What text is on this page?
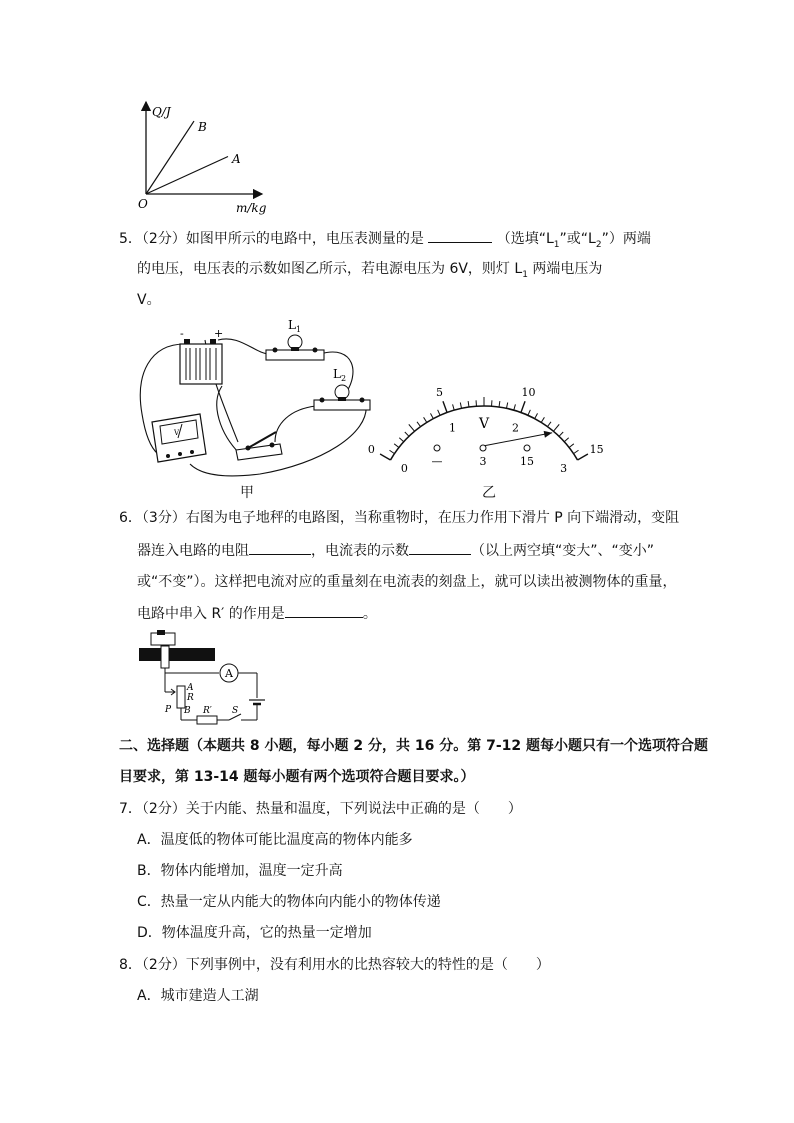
Q/J
m/kg
O
B
A
5．（2分）如图甲所示的电路中，电压表测量的是	（选填“$L_1$”或“$L_2$”）两端
的电压，电压表的示数如图乙所示，若电源电压为 6V，则灯 $L_1$ 两端电压为
V。
-	+
$L_1$
$L_2$
V
甲
0
5	10
15
0
1	2
3
V
—	3	15
乙
6．（3分）右图为电子地秤的电路图，当称重物时，在压力作用下滑片 P 向下端滑动，变阻
器连入电路的电阻	，电流表的示数	（以上两空填“变大”、“变小”
或“不变”）。这样把电流对应的重量刻在电流表的刻盘上，就可以读出被测物体的重量，
电路中串入 R′ 的作用是	。
A
A
R
B
P	R′ S
二、选择题（本题共 8 小题，每小题 2 分，共 16 分。第 7-12 题每小题只有一个选项符合题
目要求，第 13-14 题每小题有两个选项符合题目要求。）
7．（2分）关于内能、热量和温度，下列说法中正确的是（　　）
A．温度低的物体可能比温度高的物体内能多
B．物体内能增加，温度一定升高
C．热量一定从内能大的物体向内能小的物体传递
D．物体温度升高，它的热量一定增加
8．（2分）下列事例中，没有利用水的比热容较大的特性的是（　　）
A．城市建造人工湖
